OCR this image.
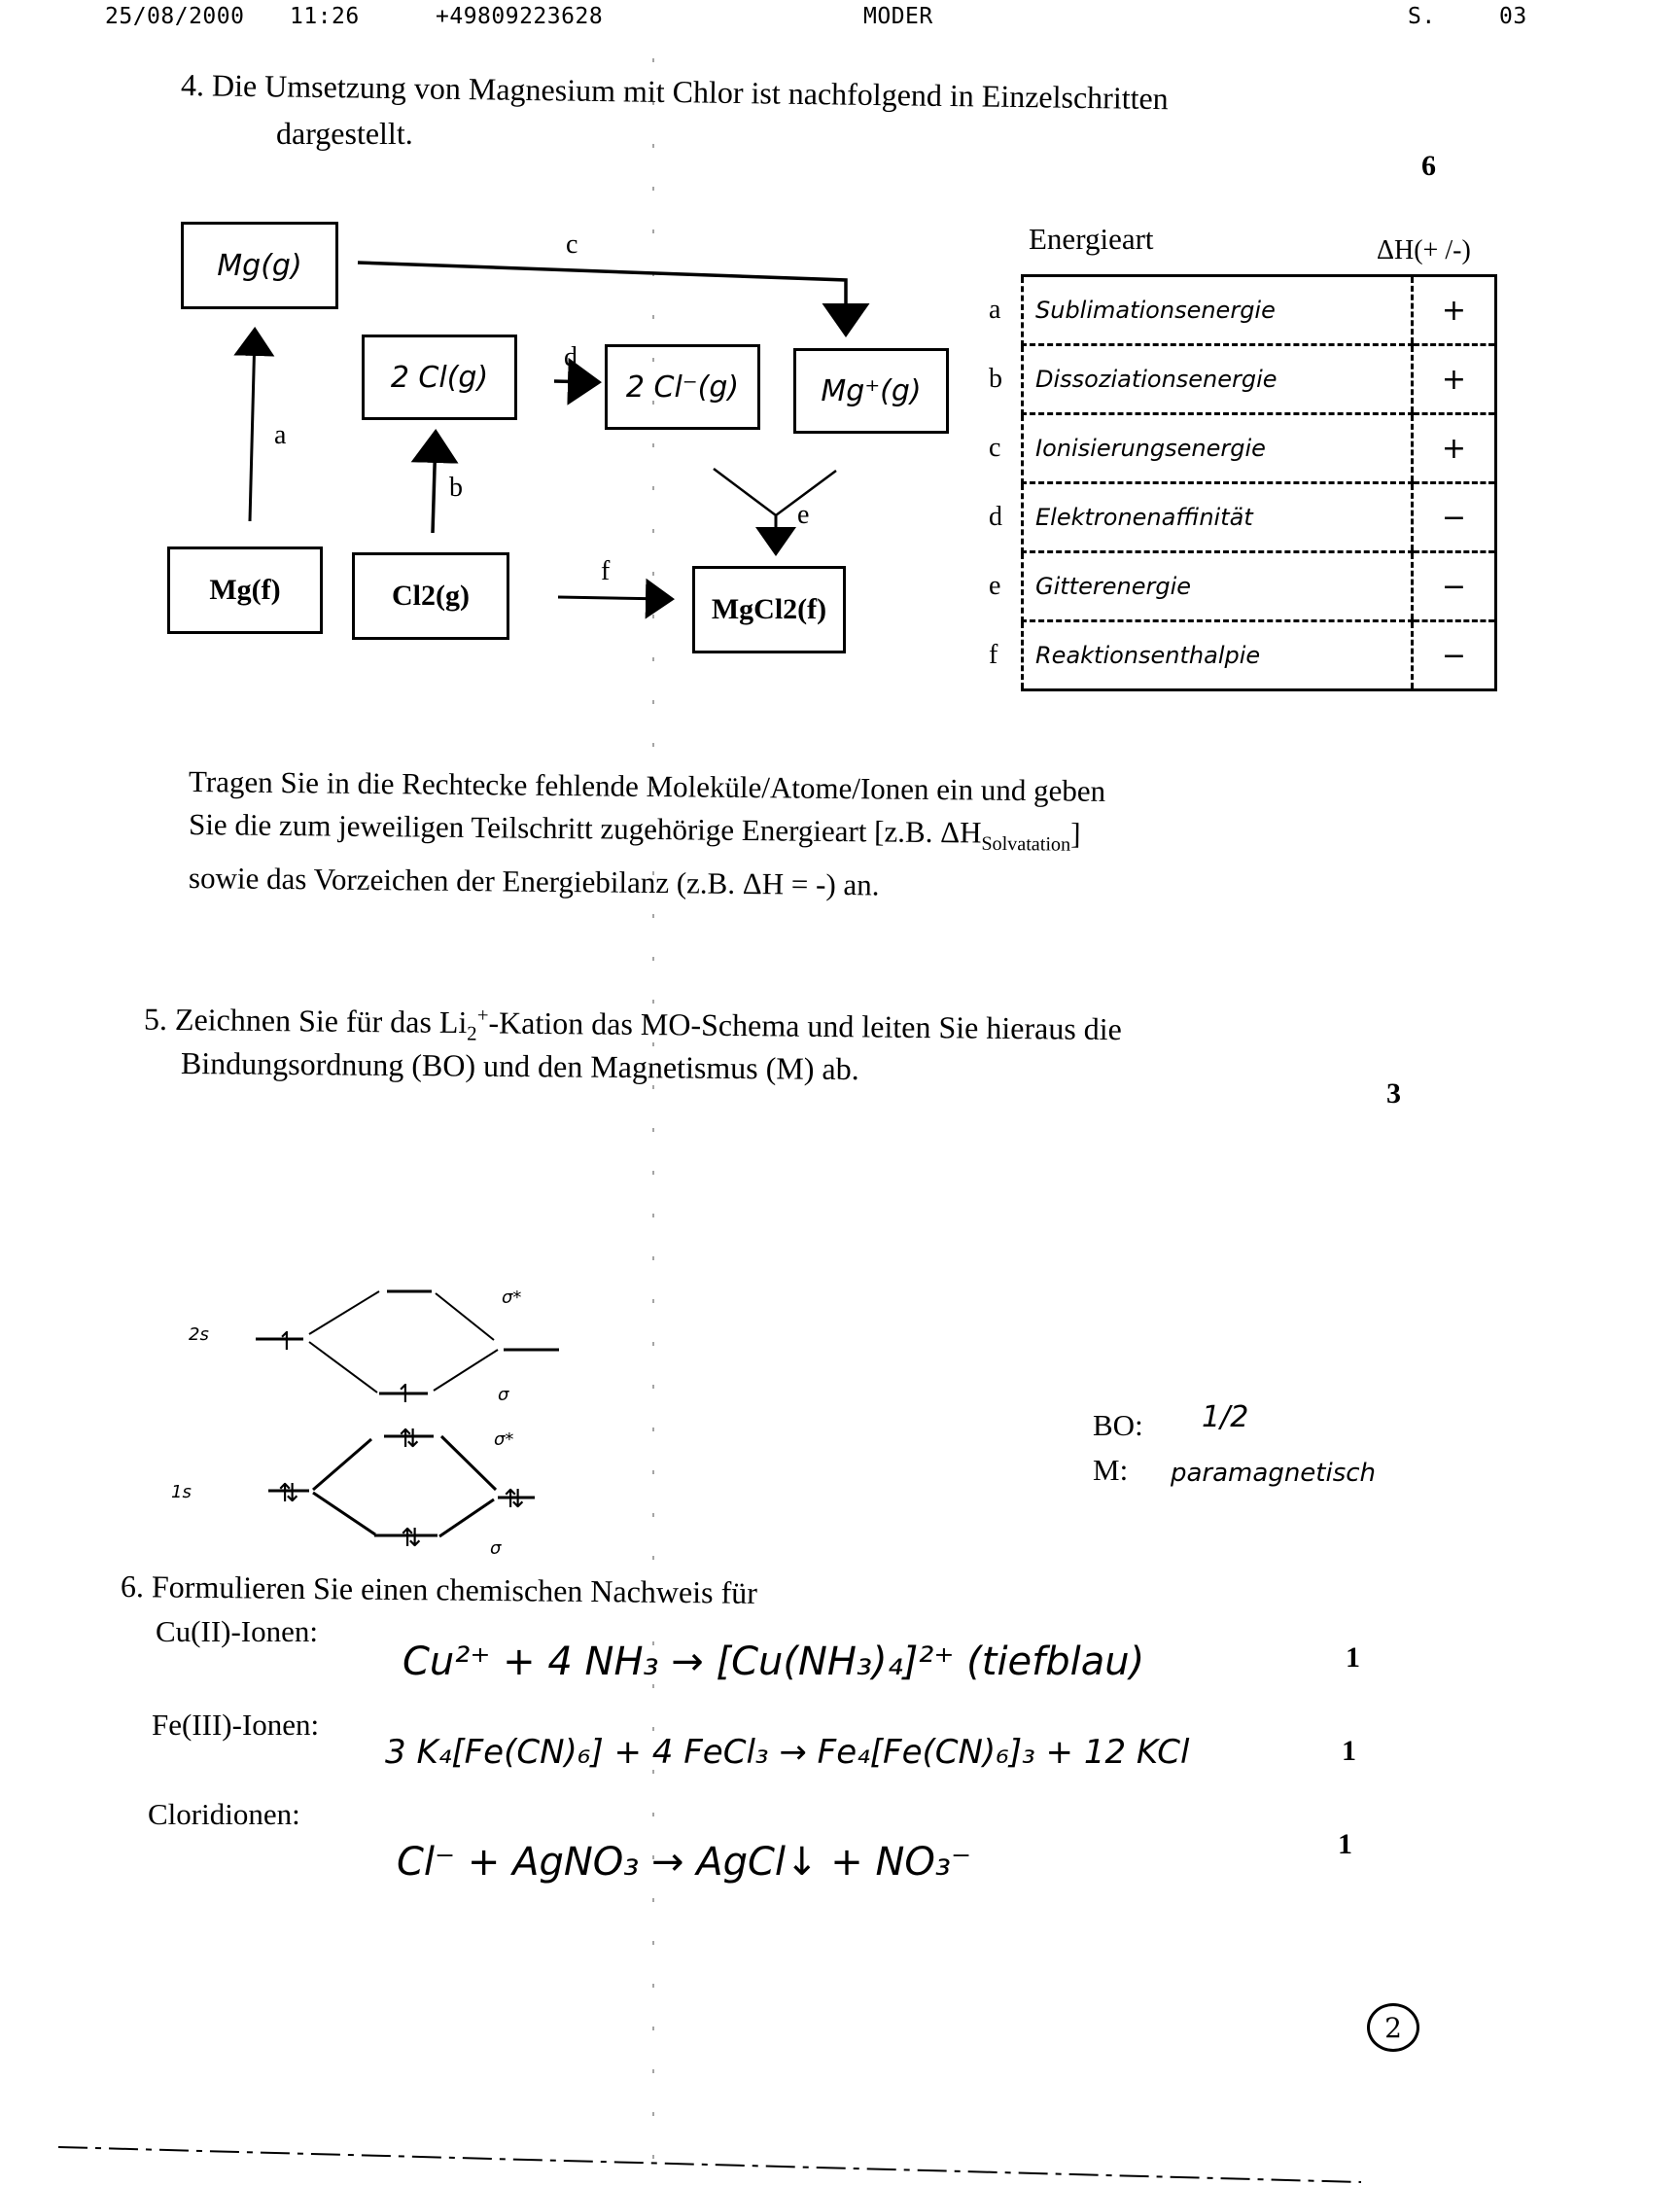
25/08/2000 11:26	+49809223628	MODER	S.	03
4. Die Umsetzung von Magnesium mit Chlor ist nachfolgend in Einzelschritten
dargestellt.
6
Mg(g)
2 Cl(g)	2 Cl⁻(g)	Mg⁺(g)
Mg(f)	Cl2(g)	MgCl2(f)
c
a
b
d
e
f
Energieart	ΔH(+ /-)
a Sublimationsenergie	+

b Dissoziationsenergie	+

c Ionisierungsenergie	+

d Elektronenaffinität	−

e Gitterenergie	−

f Reaktionsenthalpie	−
Tragen Sie in die Rechtecke fehlende Moleküle/Atome/Ionen ein und geben
Sie die zum jeweiligen Teilschritt zugehörige Energieart [z.B. $\Delta H_{Solvatation}$]
sowie das Vorzeichen der Energiebilanz (z.B. ΔH = -) an.
5. Zeichnen Sie für das $Li_2^+$-Kation das MO-Schema und leiten Sie hieraus die
Bindungsordnung (BO) und den Magnetismus (M) ab.
3
↿
↿
⇅
⇅
⇅
⇅
2s
1s
σ*
σ
σ*
σ
BO: 1/2
M: paramagnetisch
6. Formulieren Sie einen chemischen Nachweis für
Cu(II)-Ionen:
Cu²⁺ + 4 NH₃ → [Cu(NH₃)₄]²⁺ (tiefblau)	1
Fe(III)-Ionen:
3 K₄[Fe(CN)₆] + 4 FeCl₃ → Fe₄[Fe(CN)₆]₃ + 12 KCl	1
Cloridionen:
Cl⁻ + AgNO₃ → AgCl↓ + NO₃⁻	1
2
